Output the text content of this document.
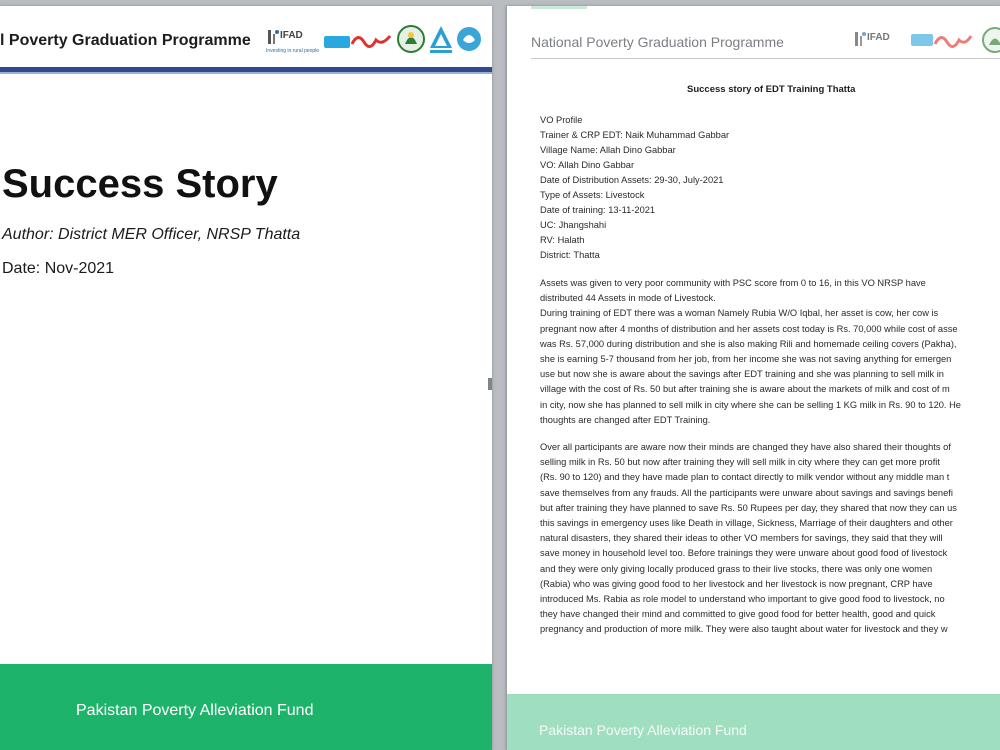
l Poverty Graduation Programme	IFAD
Investing in rural people
Success Story
Author: District MER Officer, NRSP Thatta
Date: Nov-2021
Pakistan Poverty Alleviation Fund
National Poverty Graduation Programme	IFAD
Success story of EDT Training Thatta
VO Profile
Trainer & CRP EDT: Naik Muhammad Gabbar
Village Name: Allah Dino Gabbar
VO: Allah Dino Gabbar
Date of Distribution Assets: 29-30, July-2021
Type of Assets: Livestock
Date of training: 13-11-2021
UC: Jhangshahi
RV: Halath
District: Thatta
Assets was given to very poor community with PSC score from 0 to 16, in this VO NRSP have
distributed 44 Assets in mode of Livestock.
During training of EDT there was a woman Namely Rubia W/O Iqbal, her asset is cow, her cow is
pregnant now after 4 months of distribution and her assets cost today is Rs. 70,000 while cost of asse
was Rs. 57,000 during distribution and she is also making Rili and homemade ceiling covers (Pakha),
she is earning 5-7 thousand from her job, from her income she was not saving anything for emergen
use but now she is aware about the savings after EDT training and she was planning to sell milk in
village with the cost of Rs. 50 but after training she is aware about the markets of milk and cost of m
in city, now she has planned to sell milk in city where she can be selling 1 KG milk in Rs. 90 to 120. He
thoughts are changed after EDT Training.
Over all participants are aware now their minds are changed they have also shared their thoughts of
selling milk in Rs. 50 but now after training they will sell milk in city where they can get more profit
(Rs. 90 to 120) and they have made plan to contact directly to milk vendor without any middle man t
save themselves from any frauds. All the participants were unware about savings and savings benefi
but after training they have planned to save Rs. 50 Rupees per day, they shared that now they can us
this savings in emergency uses like Death in village, Sickness, Marriage of their daughters and other
natural disasters, they shared their ideas to other VO members for savings, they said that they will
save money in household level too. Before trainings they were unware about good food of livestock
and they were only giving locally produced grass to their live stocks, there was only one women
(Rabia) who was giving good food to her livestock and her livestock is now pregnant, CRP have
introduced Ms. Rabia as role model to understand who important to give good food to livestock, no
they have changed their mind and committed to give good food for better health, good and quick
pregnancy and production of more milk. They were also taught about water for livestock and they w
Pakistan Poverty Alleviation Fund
